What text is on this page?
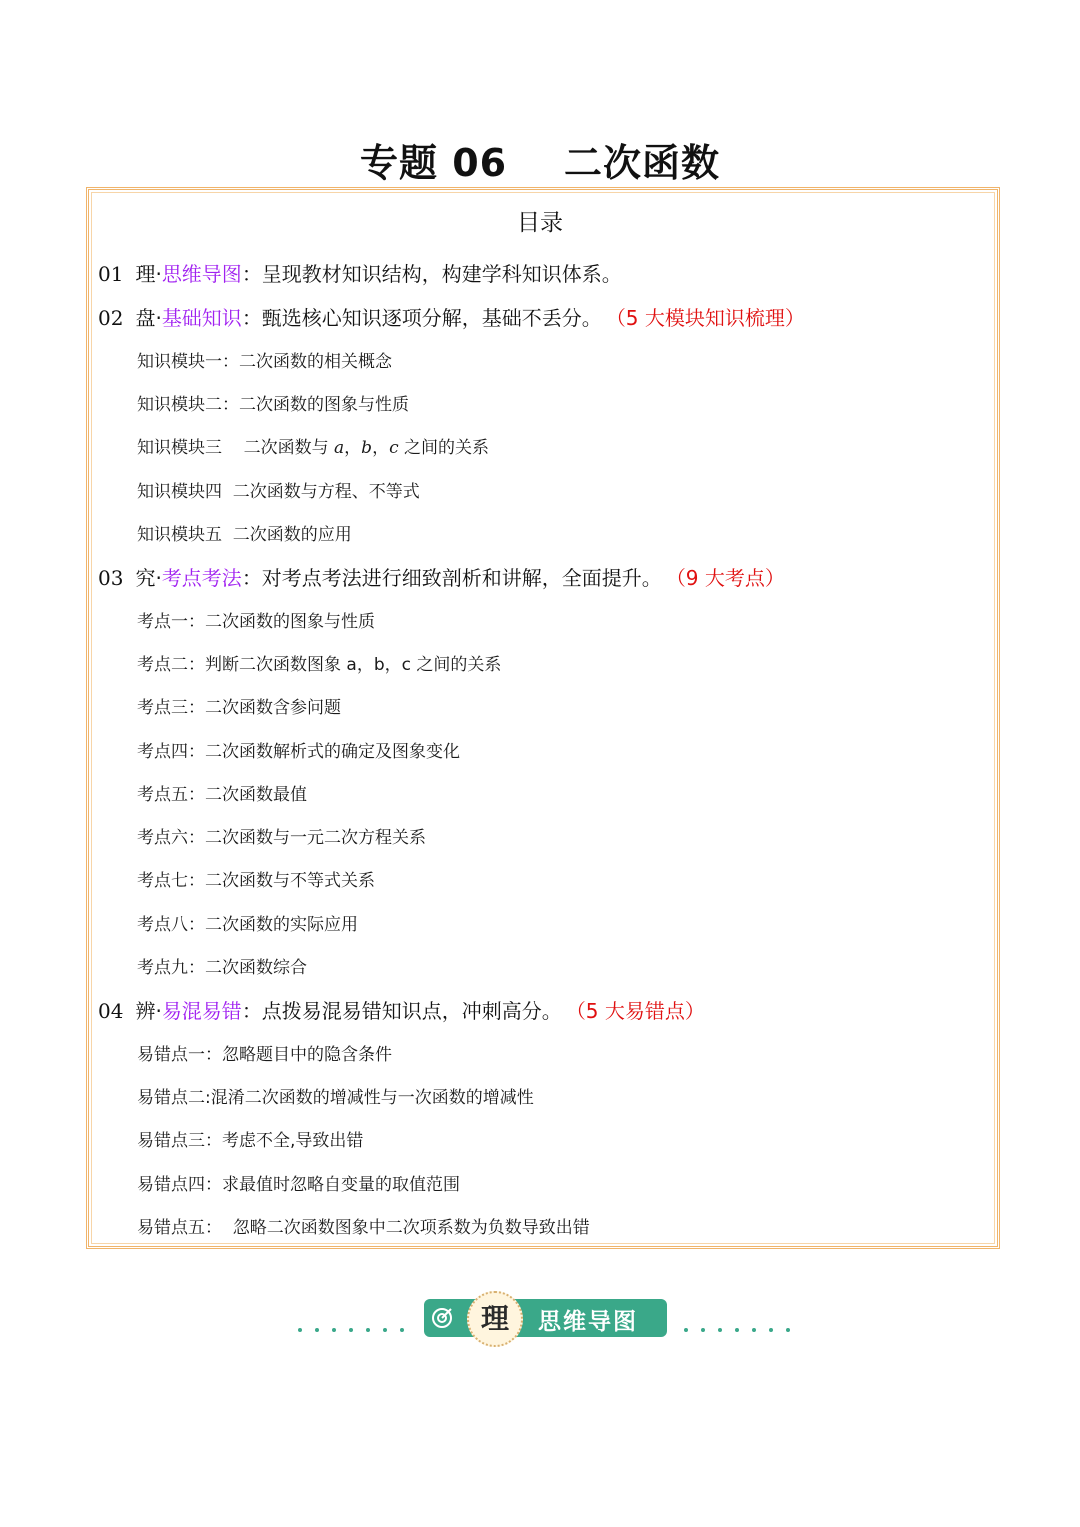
专题 06    二次函数
目录
01 理·思维导图：呈现教材知识结构，构建学科知识体系。
02 盘·基础知识：甄选核心知识逐项分解，基础不丢分。 （5 大模块知识梳理）
知识模块一：二次函数的相关概念
知识模块二：二次函数的图象与性质
知识模块三    二次函数与 a，b，c 之间的关系
知识模块四  二次函数与方程、不等式
知识模块五  二次函数的应用
03 究·考点考法：对考点考法进行细致剖析和讲解，全面提升。 （9 大考点）
考点一：二次函数的图象与性质
考点二：判断二次函数图象 a，b，c 之间的关系
考点三：二次函数含参问题
考点四：二次函数解析式的确定及图象变化
考点五：二次函数最值
考点六：二次函数与一元二次方程关系
考点七：二次函数与不等式关系
考点八：二次函数的实际应用
考点九：二次函数综合
04 辨·易混易错：点拨易混易错知识点，冲刺高分。 （5 大易错点）
易错点一：忽略题目中的隐含条件
易错点二:混淆二次函数的增减性与一次函数的增减性
易错点三：考虑不全,导致出错
易错点四：求最值时忽略自变量的取值范围
易错点五：  忽略二次函数图象中二次项系数为负数导致出错
理	思维导图
